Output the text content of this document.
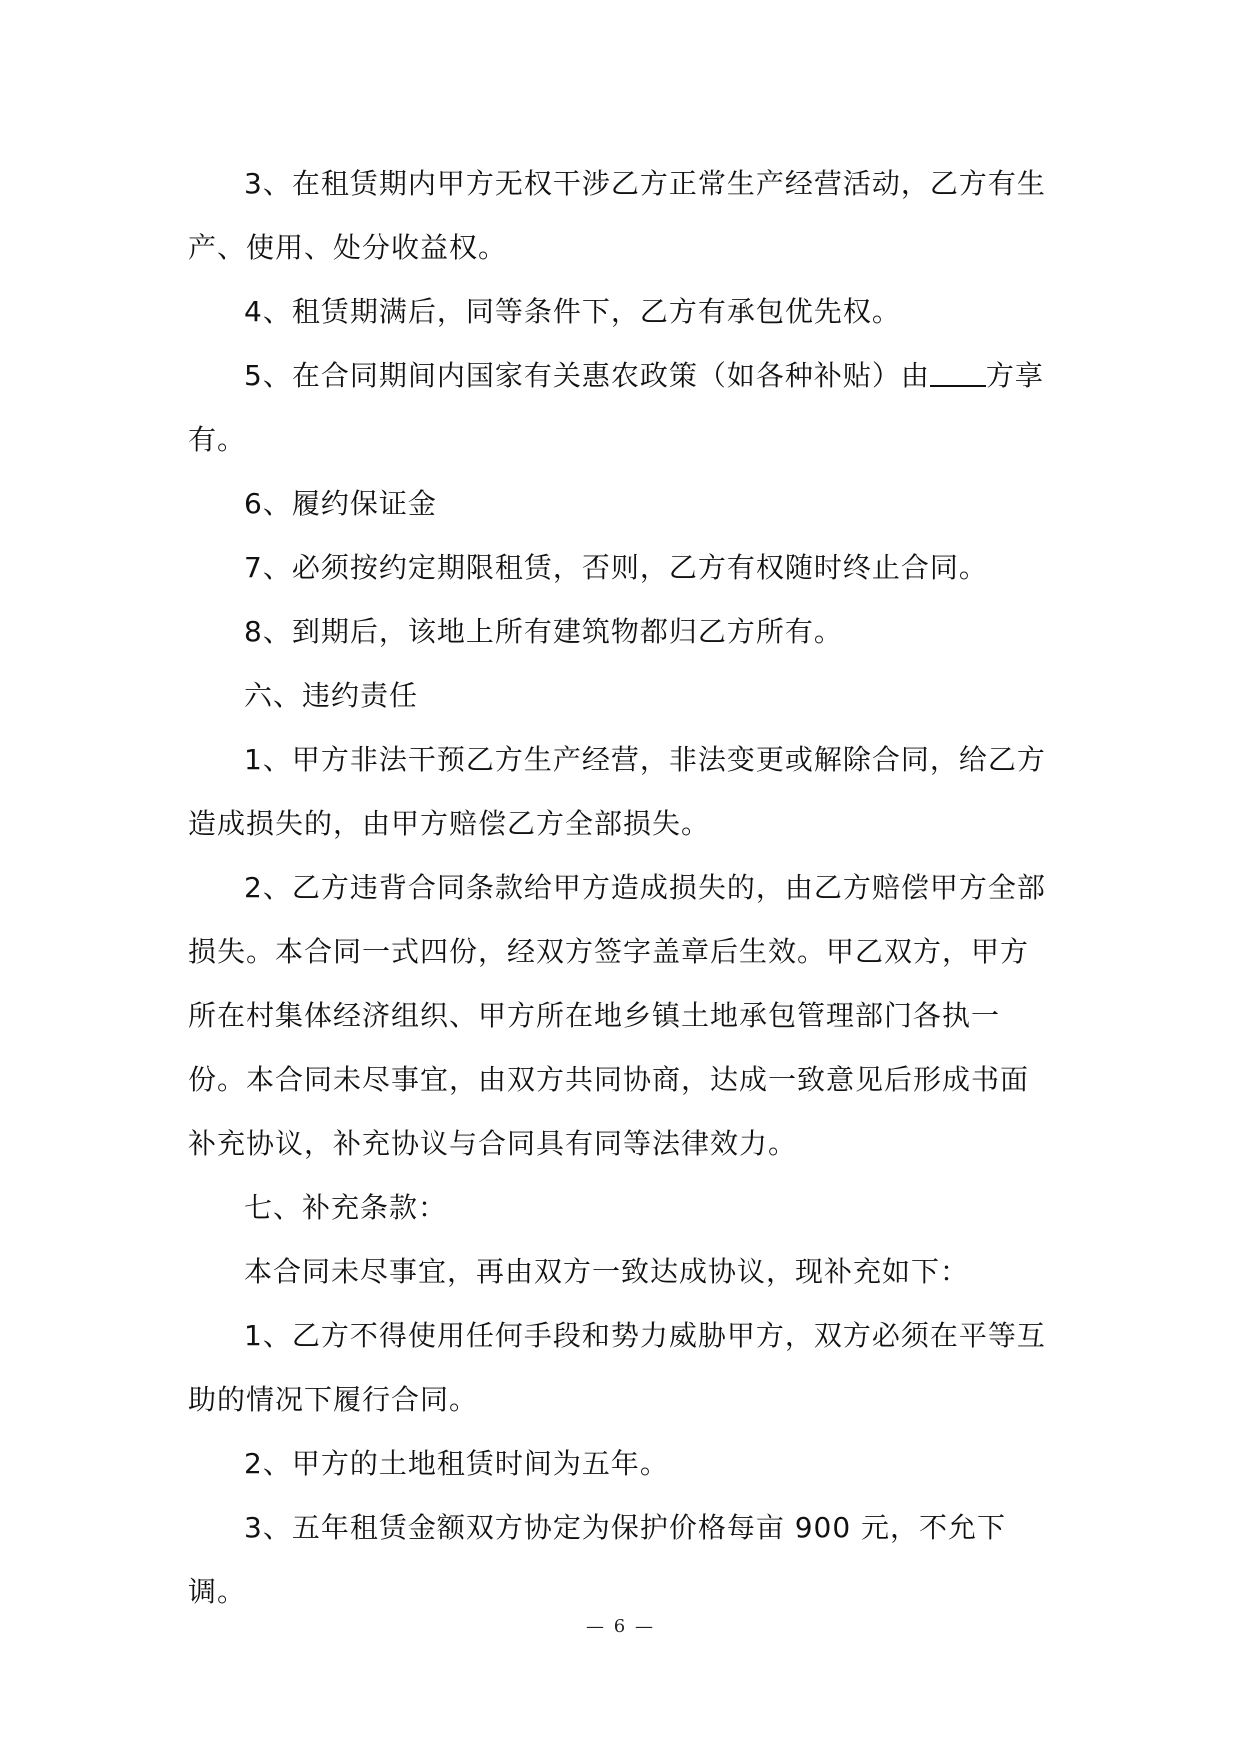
3、在租赁期内甲方无权干涉乙方正常生产经营活动，乙方有生产、使用、处分收益权。

4、租赁期满后，同等条件下，乙方有承包优先权。

5、在合同期间内国家有关惠农政策（如各种补贴）由 方享有。

6、履约保证金

7、必须按约定期限租赁，否则，乙方有权随时终止合同。

8、到期后，该地上所有建筑物都归乙方所有。

六、违约责任

1、甲方非法干预乙方生产经营，非法变更或解除合同，给乙方造成损失的，由甲方赔偿乙方全部损失。

2、乙方违背合同条款给甲方造成损失的，由乙方赔偿甲方全部损失。本合同一式四份，经双方签字盖章后生效。甲乙双方，甲方所在村集体经济组织、甲方所在地乡镇土地承包管理部门各执一份。本合同未尽事宜，由双方共同协商，达成一致意见后形成书面补充协议，补充协议与合同具有同等法律效力。

七、补充条款：

本合同未尽事宜，再由双方一致达成协议，现补充如下：

1、乙方不得使用任何手段和势力威胁甲方，双方必须在平等互助的情况下履行合同。

2、甲方的土地租赁时间为五年。

3、五年租赁金额双方协定为保护价格每亩 900 元，不允下调。

— 6 —
